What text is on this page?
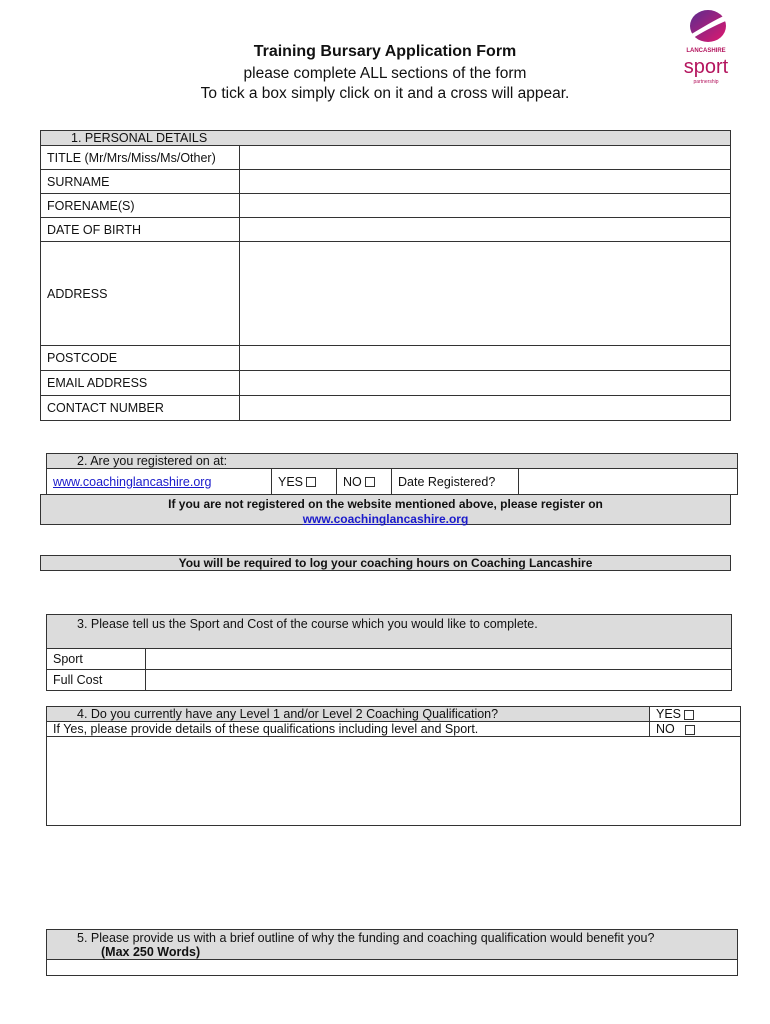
Training Bursary Application Form
please complete ALL sections of the form
To tick a box simply click on it and a cross will appear.
LANCASHIRE
sport
partnership
1. PERSONAL DETAILS	
TITLE (Mr/Mrs/Miss/Ms/Other)	
SURNAME	
FORENAME(S)	
DATE OF BIRTH	
ADDRESS	
POSTCODE	
EMAIL ADDRESS	
CONTACT NUMBER	
2. Are you registered on at:
www.coachinglancashire.org	YES	NO	Date Registered?	
If you are not registered on the website mentioned above, please register on
www.coachinglancashire.org
You will be required to log your coaching hours on Coaching Lancashire
3. Please tell us the Sport and Cost of the course which you would like to complete.	
Sport	
Full Cost	
4. Do you currently have any Level 1 and/or Level 2 Coaching Qualification?	YES
If Yes, please provide details of these qualifications including level and Sport.	NO

5. Please provide us with a brief outline of why the funding and coaching qualification would benefit you?
(Max 250 Words)
